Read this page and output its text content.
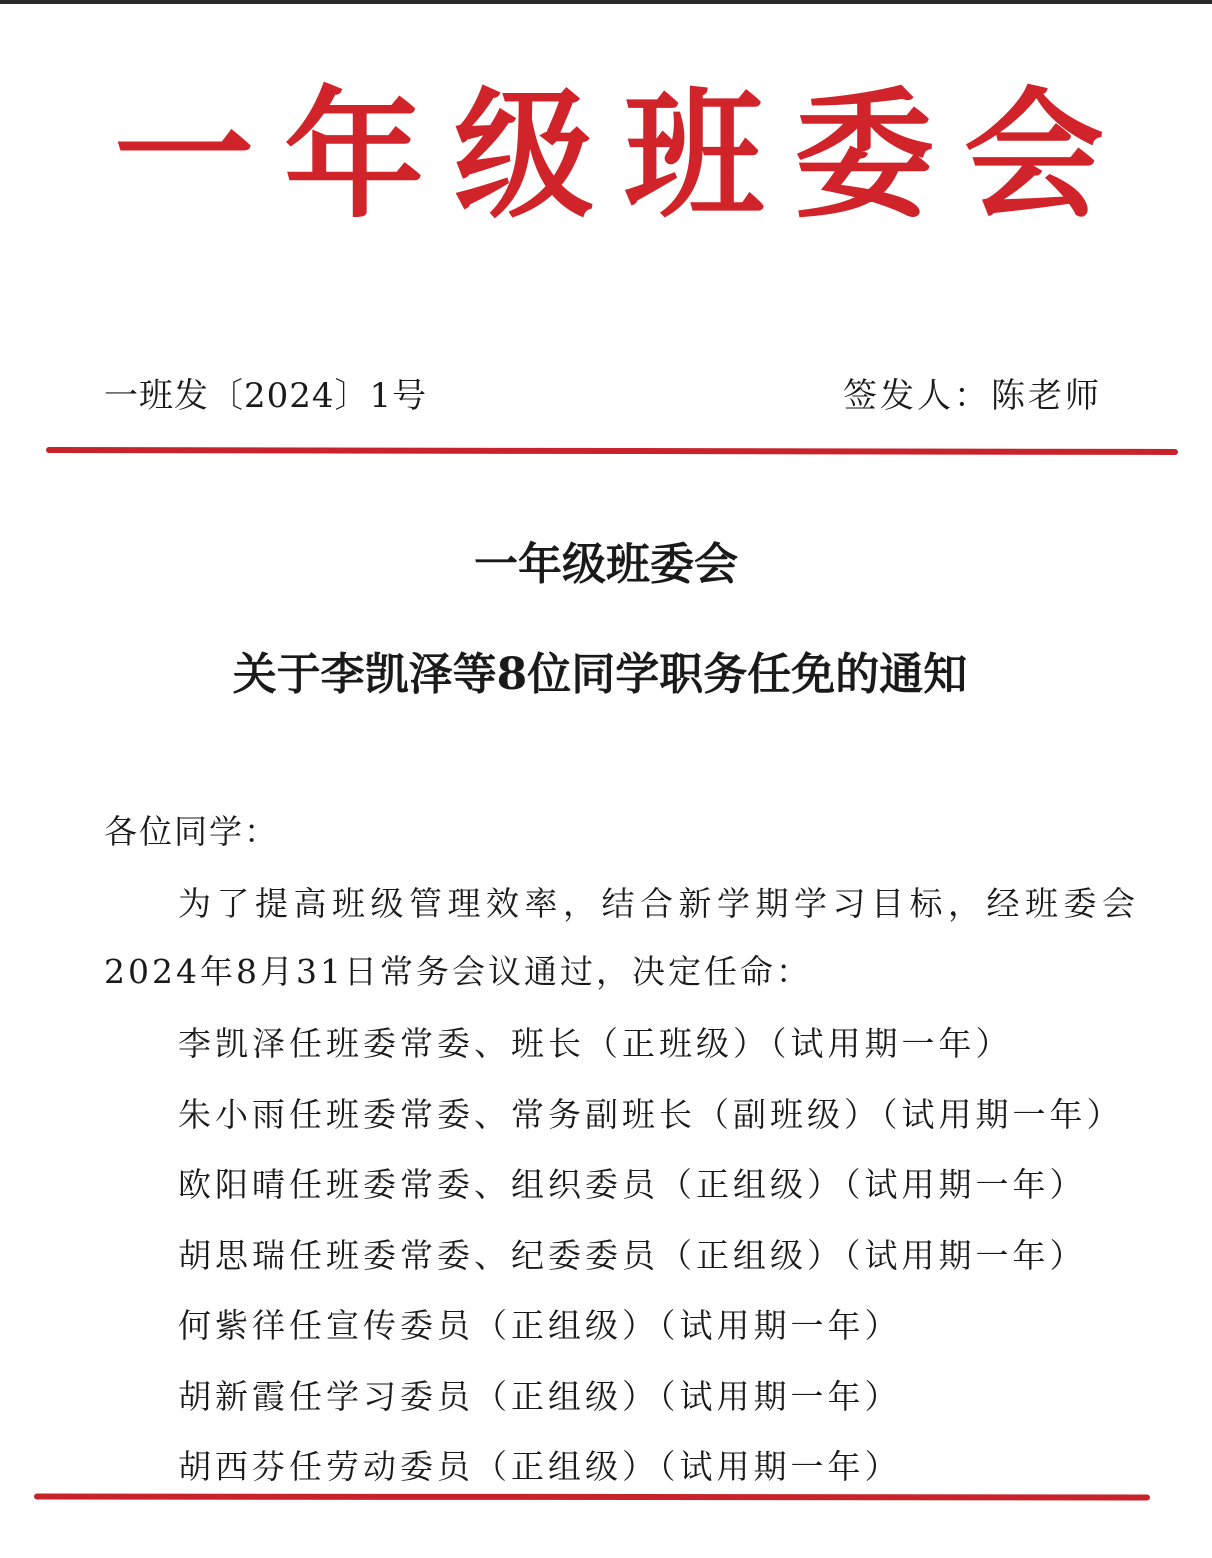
一年级班委会
一班发〔2024〕1号	签发人：陈老师
一年级班委会
关于李凯泽等8位同学职务任免的通知
各位同学：
为了提高班级管理效率，结合新学期学习目标，经班委会
2024年8月31日常务会议通过，决定任命：
李凯泽任班委常委、班长（正班级）（试用期一年）
朱小雨任班委常委、常务副班长（副班级）（试用期一年）
欧阳晴任班委常委、组织委员（正组级）（试用期一年）
胡思瑞任班委常委、纪委委员（正组级）（试用期一年）
何紫徉任宣传委员（正组级）（试用期一年）
胡新霞任学习委员（正组级）（试用期一年）
胡西芬任劳动委员（正组级）（试用期一年）
